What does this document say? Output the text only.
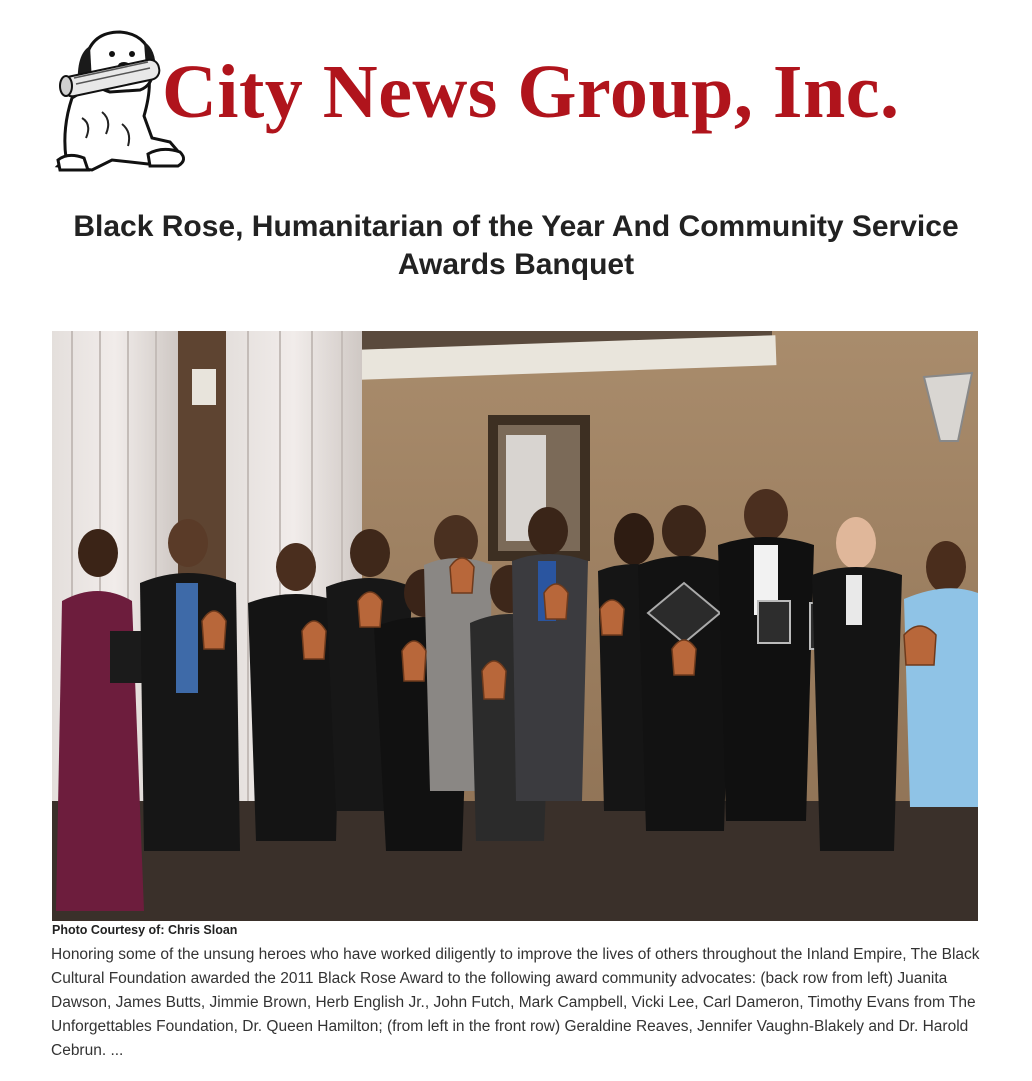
City News Group, Inc.
Black Rose, Humanitarian of the Year And Community Service Awards Banquet
Photo Courtesy of: Chris Sloan

Honoring some of the unsung heroes who have worked diligently to improve the lives of others throughout the Inland Empire, The Black Cultural Foundation awarded the 2011 Black Rose Award to the following award community advocates: (back row from left) Juanita Dawson, James Butts, Jimmie Brown, Herb English Jr., John Futch, Mark Campbell, Vicki Lee, Carl Dameron, Timothy Evans from The Unforgettables Foundation, Dr. Queen Hamilton; (from left in the front row) Geraldine Reaves, Jennifer Vaughn-Blakely and Dr. Harold Cebrun. ...
